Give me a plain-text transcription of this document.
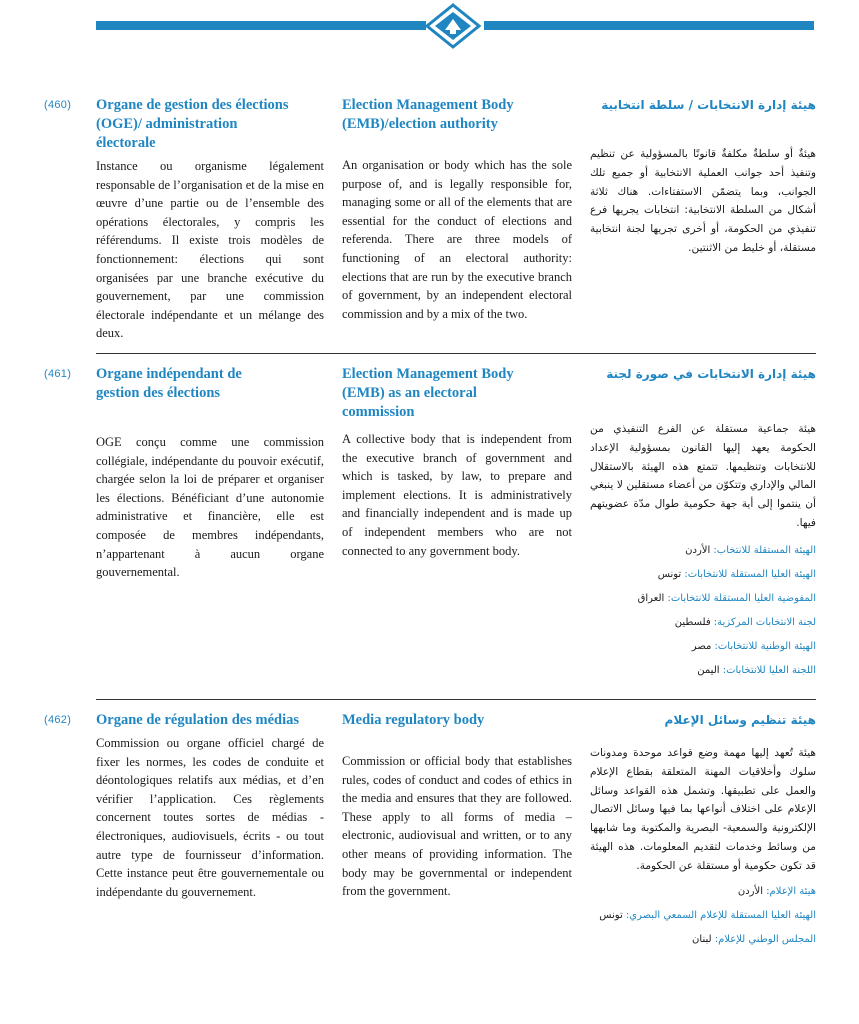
(460) Organe de gestion des élections (OGE)/ administration électorale

Instance ou organisme légalement responsable de l’organisation et de la mise en œuvre d’une partie ou de l’ensemble des opérations électorales, y compris les référendums. Il existe trois modèles de fonctionnement: élections qui sont organisées par une branche exécutive du gouvernement, par une commission électorale indépendante et un mélange des deux.

Election Management Body (EMB)/election authority

An organisation or body which has the sole purpose of, and is legally responsible for, managing some or all of the elements that are essential for the conduct of elections and referenda. There are three models of functioning of an electoral authority: elections that are run by the executive branch of government, by an independent electoral commission and by a mix of the two.

هيئة إدارة الانتخابات / سلطة انتخابية

هيئةٌ أو سلطةٌ مكلفةٌ قانونًا بالمسؤولية عن تنظيم وتنفيذ أحد جوانب العملية الانتخابية أو جميع تلك الجوانب، وبما يتضمّن الاستفتاءات. هناك ثلاثة أشكال من السلطة الانتخابية: انتخابات يجريها فرع تنفيذي من الحكومة، أو أخرى تجريها لجنة انتخابية مستقلة، أو خليط من الاثنتين.

(461) Organe indépendant de gestion des élections

OGE conçu comme une commission collégiale, indépendante du pouvoir exécutif, chargée selon la loi de préparer et organiser les élections. Bénéficiant d’une autonomie administrative et financière, elle est composée de membres indépendants, n’appartenant à aucun organe gouvernemental.

Election Management Body (EMB) as an electoral commission

A collective body that is independent from the executive branch of government and which is tasked, by law, to prepare and implement elections. It is administratively and financially independent and is made up of independent members who are not connected to any government body.

هيئة إدارة الانتخابات في صورة لجنة

هيئة جماعية مستقلة عن الفرع التنفيذي من الحكومة يعهد إليها القانون بمسؤولية الإعداد للانتخابات وتنظيمها. تتمتع هذه الهيئة بالاستقلال المالي والإداري وتتكوّن من أعضاء مستقلين لا ينبغي أن ينتموا إلى أية جهة حكومية طوال مدّة عضويتهم فيها.

الهيئة المستقلة للانتخاب: الأردن
الهيئة العليا المستقلة للانتخابات: تونس
المفوضية العليا المستقلة للانتخابات: العراق
لجنة الانتخابات المركزية: فلسطين
الهيئة الوطنية للانتخابات: مصر
اللجنة العليا للانتخابات: اليمن
(462) Organe de régulation des médias

Commission ou organe officiel chargé de fixer les normes, les codes de conduite et déontologiques relatifs aux médias, et d’en vérifier l’application. Ces règlements concernent toutes sortes de médias - électroniques, audiovisuels, écrits - ou tout autre type de fournisseur d’information. Cette instance peut être gouvernementale ou indépendante du gouvernement.

Media regulatory body

Commission or official body that establishes rules, codes of conduct and codes of ethics in the media and ensures that they are followed. These apply to all forms of media – electronic, audiovisual and written, or to any other means of providing information. The body may be governmental or independent from the government.

هيئة تنظيم وسائل الإعلام

هيئة تُعهد إليها مهمة وضع قواعد موحدة ومدونات سلوك وأخلاقيات المهنة المتعلقة بقطاع الإعلام والعمل على تطبيقها. وتشمل هذه القواعد وسائل الإعلام على اختلاف أنواعها بما فيها وسائل الاتصال الإلكترونية والسمعية- البصرية والمكتوبة وما شابهها من وسائط وخدمات لتقديم المعلومات. هذه الهيئة قد تكون حكومية أو مستقلة عن الحكومة.

هيئة الإعلام: الأردن
الهيئة العليا المستقلة للإعلام السمعي البصري: تونس
المجلس الوطني للإعلام: لبنان
